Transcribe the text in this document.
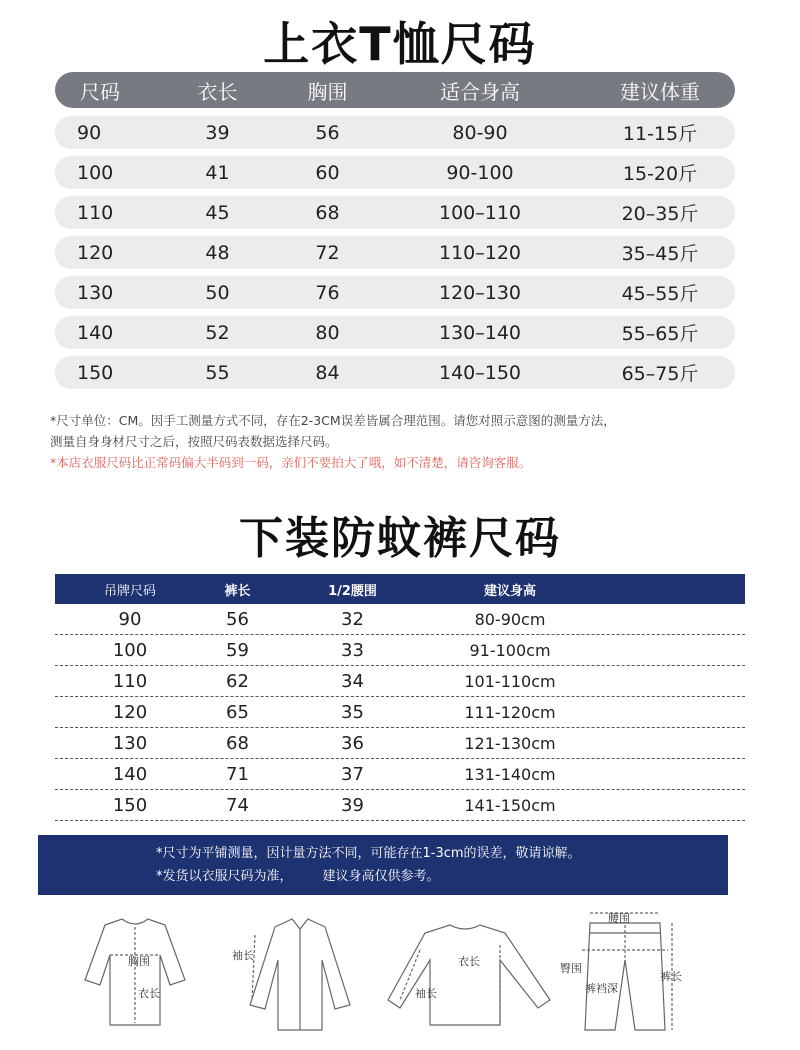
上衣T恤尺码
尺码	衣长	胸围	适合身高	建议体重
90	39	56	80-90	11-15斤
100	41	60	90-100	15-20斤
110	45	68	100–110	20–35斤
120	48	72	110–120	35–45斤
130	50	76	120–130	45–55斤
140	52	80	130–140	55–65斤
150	55	84	140–150	65–75斤
*尺寸单位：CM。因手工测量方式不同，存在2-3CM误差皆属合理范围。请您对照示意图的测量方法，
测量自身身材尺寸之后，按照尺码表数据选择尺码。
*本店衣服尺码比正常码偏大半码到一码，亲们不要拍大了哦，如不清楚，请咨询客服。
下装防蚊裤尺码
吊牌尺码	裤长	1/2腰围	建议身高
90	56	32	80-90cm
100	59	33	91-100cm
110	62	34	101-110cm
120	65	35	111-120cm
130	68	36	121-130cm
140	71	37	131-140cm
150	74	39	141-150cm
*尺寸为平铺测量，因计量方法不同，可能存在1-3cm的误差，敬请谅解。
*发货以衣服尺码为准， 建议身高仅供参考。
胸围
衣长
袖长	衣长
袖长
腰围
臀围
裤长
裤裆深
